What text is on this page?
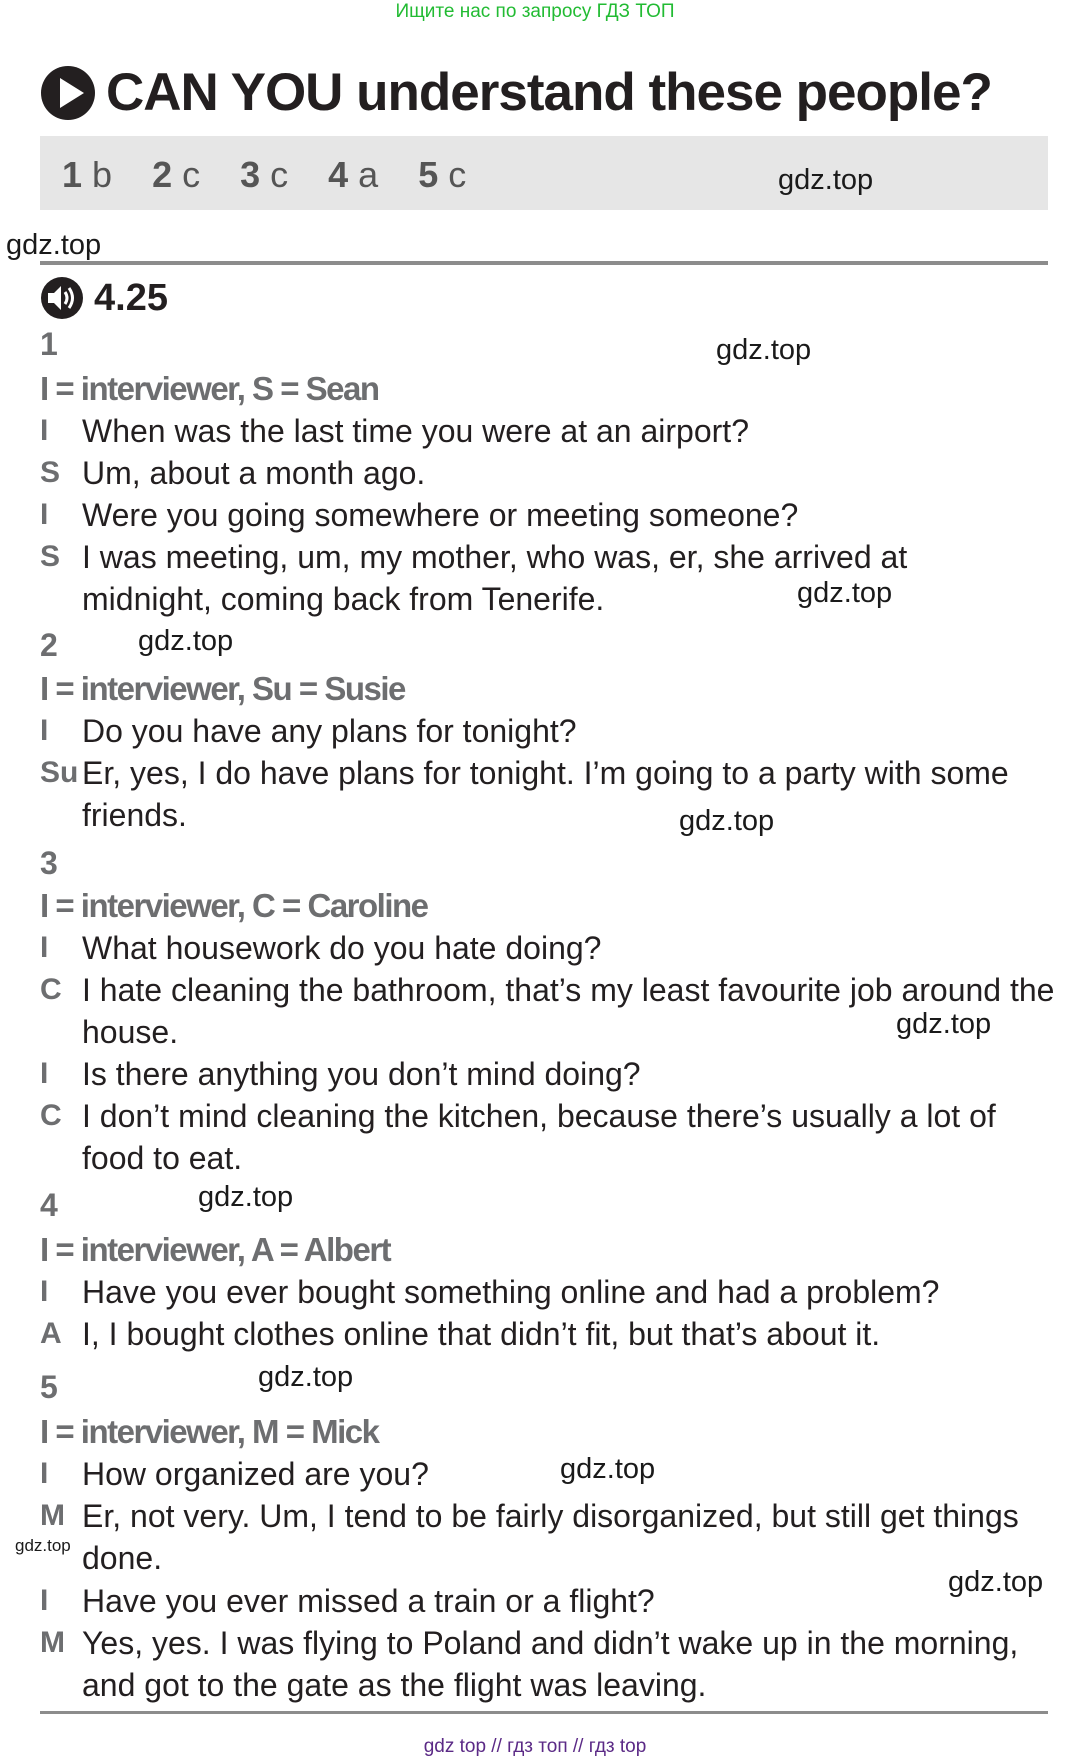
Ищите нас по запросу ГДЗ ТОП
CAN YOU understand these people?
1 b 2 c 3 c 4 a 5 c	gdz.top
gdz.top
4.25
1	gdz.top
I = interviewer, S = Sean
I	When was the last time you were at an airport?
S Um, about a month ago.
I	Were you going somewhere or meeting someone?
S I was meeting, um, my mother, who was, er, she arrived at midnight, coming back from Tenerife.	gdz.top
2	gdz.top
I = interviewer, Su = Susie
I	Do you have any plans for tonight?
Su Er, yes, I do have plans for tonight. I’m going to a party with some friends.	gdz.top
3
I = interviewer, C = Caroline
I	What housework do you hate doing?
C I hate cleaning the bathroom, that’s my least favourite job around the house.	gdz.top
I	Is there anything you don’t mind doing?
C I don’t mind cleaning the kitchen, because there’s usually a lot of food to eat.
4	gdz.top
I = interviewer, A = Albert
I	Have you ever bought something online and had a problem?
A I, I bought clothes online that didn’t fit, but that’s about it.
5	gdz.top
I = interviewer, M = Mick
I	How organized are you?	gdz.top
M Er, not very. Um, I tend to be fairly disorganized, but still get things done.
gdz.top
I	Have you ever missed a train or a flight?
gdz.top
M Yes, yes. I was flying to Poland and didn’t wake up in the morning, and got to the gate as the flight was leaving.
gdz top // гдз топ // гдз top
